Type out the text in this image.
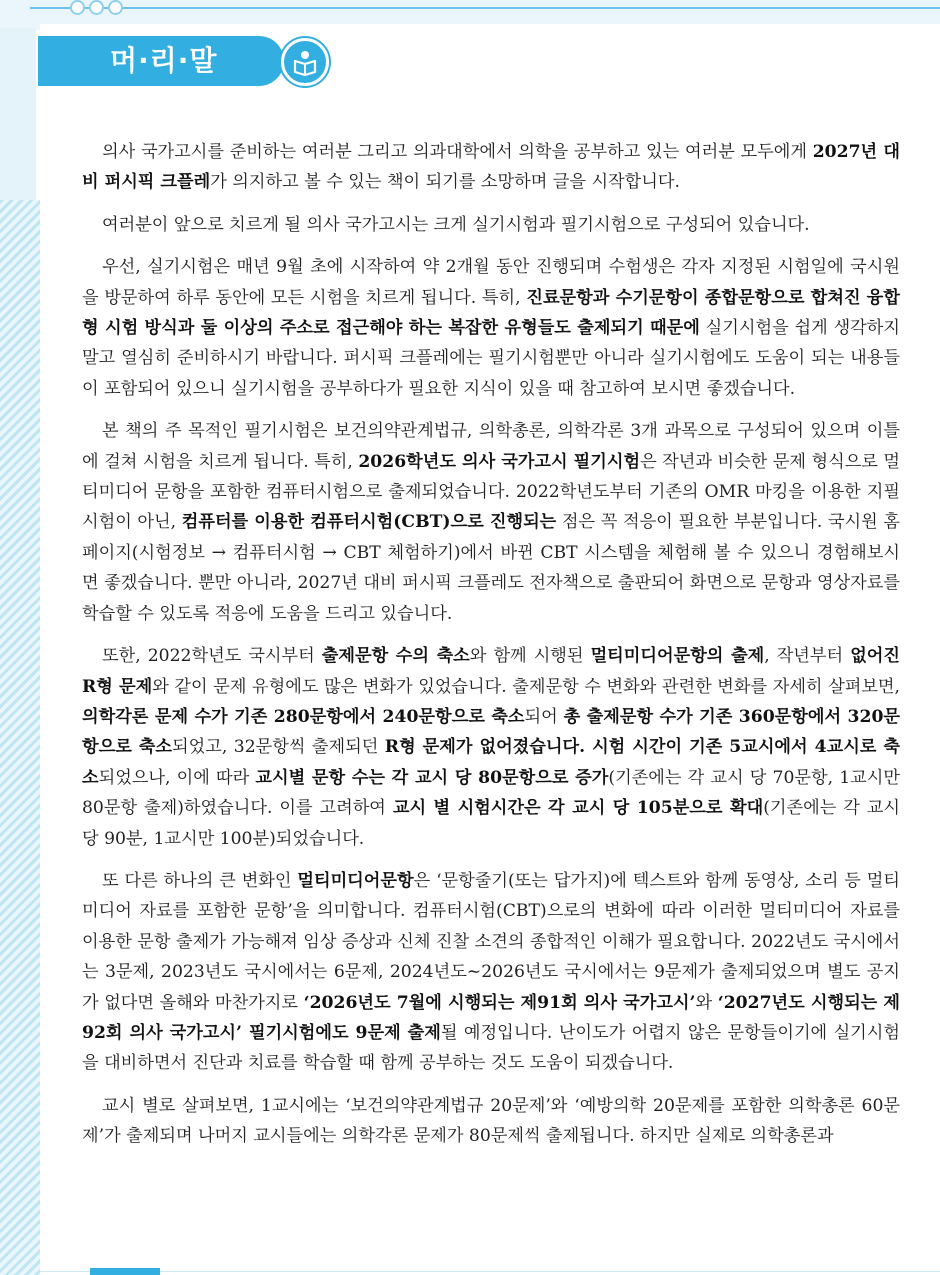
머·리·말

의사 국가고시를 준비하는 여러분 그리고 의과대학에서 의학을 공부하고 있는 여러분 모두에게 2027년 대비 퍼시픽 크플레가 의지하고 볼 수 있는 책이 되기를 소망하며 글을 시작합니다.

여러분이 앞으로 치르게 될 의사 국가고시는 크게 실기시험과 필기시험으로 구성되어 있습니다.

우선, 실기시험은 매년 9월 초에 시작하여 약 2개월 동안 진행되며 수험생은 각자 지정된 시험일에 국시원을 방문하여 하루 동안에 모든 시험을 치르게 됩니다. 특히, 진료문항과 수기문항이 종합문항으로 합쳐진 융합형 시험 방식과 둘 이상의 주소로 접근해야 하는 복잡한 유형들도 출제되기 때문에 실기시험을 쉽게 생각하지 말고 열심히 준비하시기 바랍니다. 퍼시픽 크플레에는 필기시험뿐만 아니라 실기시험에도 도움이 되는 내용들이 포함되어 있으니 실기시험을 공부하다가 필요한 지식이 있을 때 참고하여 보시면 좋겠습니다.

본 책의 주 목적인 필기시험은 보건의약관계법규, 의학총론, 의학각론 3개 과목으로 구성되어 있으며 이틀에 걸쳐 시험을 치르게 됩니다. 특히, 2026학년도 의사 국가고시 필기시험은 작년과 비슷한 문제 형식으로 멀티미디어 문항을 포함한 컴퓨터시험으로 출제되었습니다. 2022학년도부터 기존의 OMR 마킹을 이용한 지필시험이 아닌, 컴퓨터를 이용한 컴퓨터시험(CBT)으로 진행되는 점은 꼭 적응이 필요한 부분입니다. 국시원 홈페이지(시험정보 → 컴퓨터시험 → CBT 체험하기)에서 바뀐 CBT 시스템을 체험해 볼 수 있으니 경험해보시면 좋겠습니다. 뿐만 아니라, 2027년 대비 퍼시픽 크플레도 전자책으로 출판되어 화면으로 문항과 영상자료를 학습할 수 있도록 적응에 도움을 드리고 있습니다.

또한, 2022학년도 국시부터 출제문항 수의 축소와 함께 시행된 멀티미디어문항의 출제, 작년부터 없어진 R형 문제와 같이 문제 유형에도 많은 변화가 있었습니다. 출제문항 수 변화와 관련한 변화를 자세히 살펴보면, 의학각론 문제 수가 기존 280문항에서 240문항으로 축소되어 총 출제문항 수가 기존 360문항에서 320문항으로 축소되었고, 32문항씩 출제되던 R형 문제가 없어졌습니다. 시험 시간이 기존 5교시에서 4교시로 축소되었으나, 이에 따라 교시별 문항 수는 각 교시 당 80문항으로 증가(기존에는 각 교시 당 70문항, 1교시만 80문항 출제)하였습니다. 이를 고려하여 교시 별 시험시간은 각 교시 당 105분으로 확대(기존에는 각 교시 당 90분, 1교시만 100분)되었습니다.

또 다른 하나의 큰 변화인 멀티미디어문항은 ‘문항줄기(또는 답가지)에 텍스트와 함께 동영상, 소리 등 멀티미디어 자료를 포함한 문항’을 의미합니다. 컴퓨터시험(CBT)으로의 변화에 따라 이러한 멀티미디어 자료를 이용한 문항 출제가 가능해져 임상 증상과 신체 진찰 소견의 종합적인 이해가 필요합니다. 2022년도 국시에서는 3문제, 2023년도 국시에서는 6문제, 2024년도∼2026년도 국시에서는 9문제가 출제되었으며 별도 공지가 없다면 올해와 마찬가지로 ‘2026년도 7월에 시행되는 제91회 의사 국가고시’와 ‘2027년도 시행되는 제92회 의사 국가고시’ 필기시험에도 9문제 출제될 예정입니다. 난이도가 어렵지 않은 문항들이기에 실기시험을 대비하면서 진단과 치료를 학습할 때 함께 공부하는 것도 도움이 되겠습니다.

교시 별로 살펴보면, 1교시에는 ‘보건의약관계법규 20문제’와 ‘예방의학 20문제를 포함한 의학총론 60문제’가 출제되며 나머지 교시들에는 의학각론 문제가 80문제씩 출제됩니다. 하지만 실제로 의학총론과
